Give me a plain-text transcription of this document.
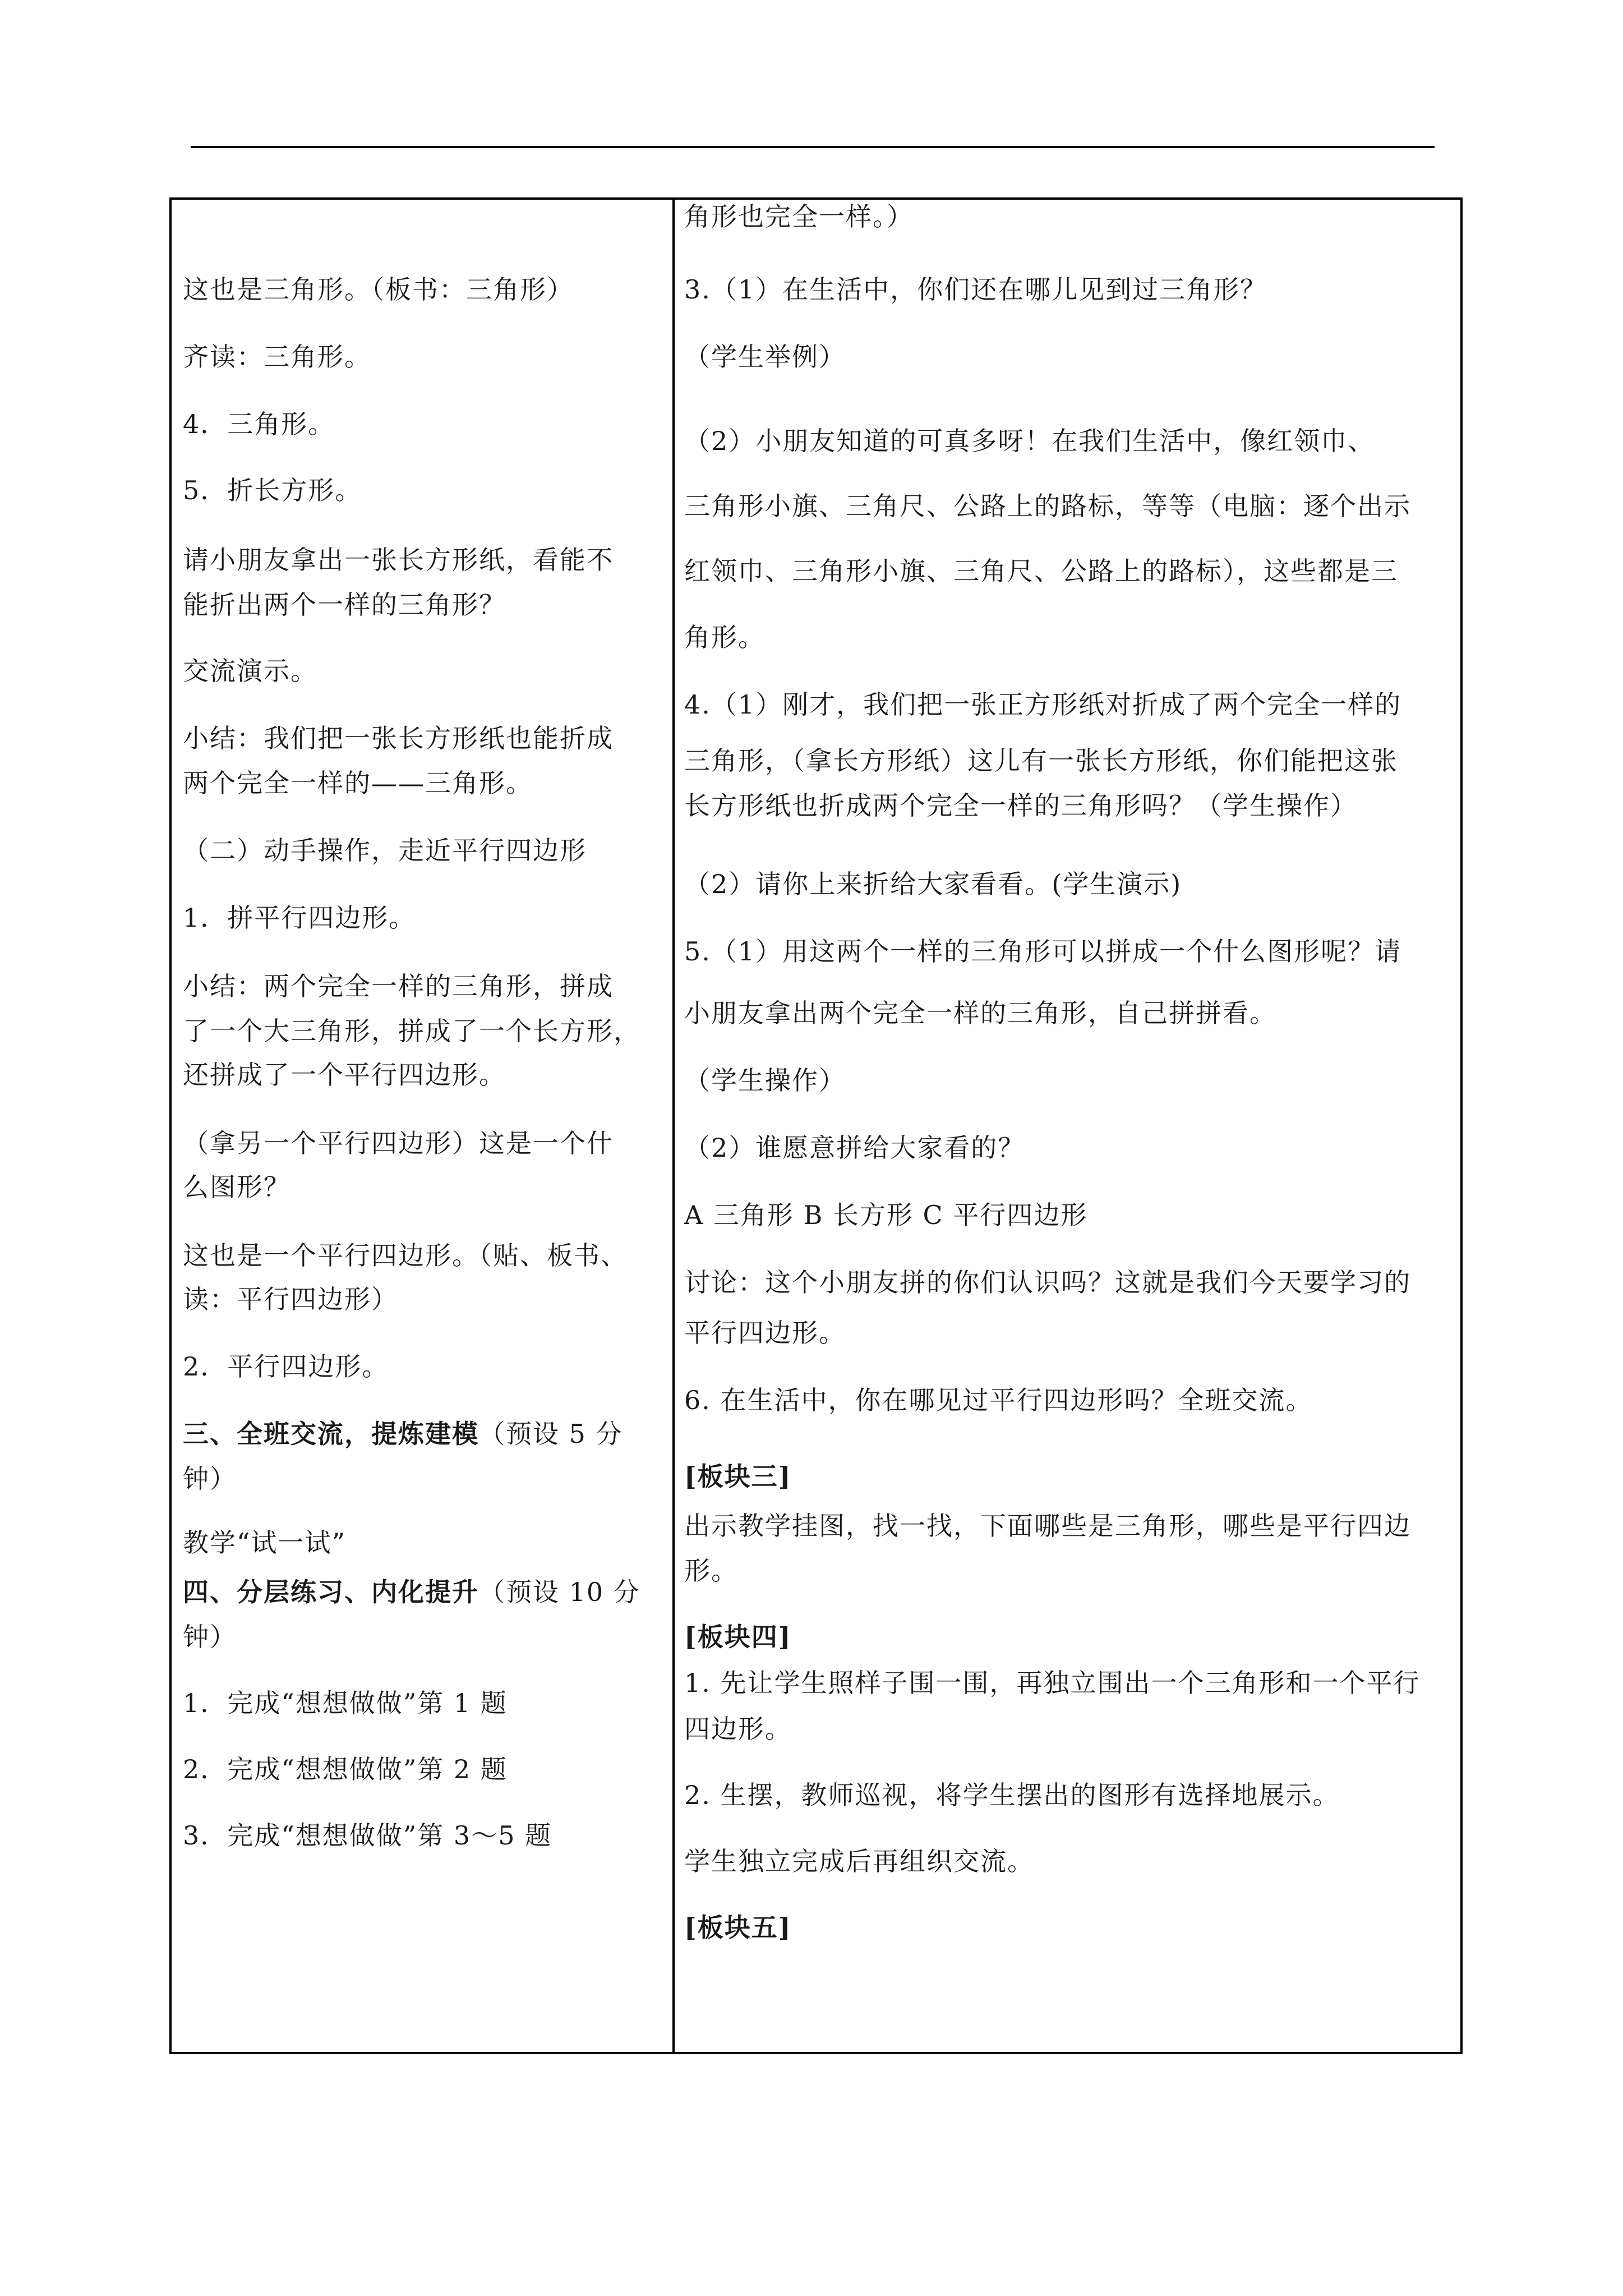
这也是三角形。（板书：三角形）

齐读：三角形。

4．三角形。

5．折长方形。

请小朋友拿出一张长方形纸，看能不

能折出两个一样的三角形？

交流演示。

小结：我们把一张长方形纸也能折成

两个完全一样的——三角形。

（二）动手操作，走近平行四边形

1．拼平行四边形。

小结：两个完全一样的三角形，拼成

了一个大三角形，拼成了一个长方形，

还拼成了一个平行四边形。

（拿另一个平行四边形）这是一个什

么图形？

这也是一个平行四边形。（贴、板书、

读：平行四边形）

2．平行四边形。

三、全班交流，提炼建模（预设 5 分

钟）

教学“试一试”

四、分层练习、内化提升（预设 10 分

钟）

1．完成“想想做做”第 1 题

2．完成“想想做做”第 2 题

3．完成“想想做做”第 3～5 题

角形也完全一样。）

3.（1）在生活中，你们还在哪儿见到过三角形？

（学生举例）

（2）小朋友知道的可真多呀！在我们生活中，像红领巾、

三角形小旗、三角尺、公路上的路标，等等（电脑：逐个出示

红领巾、三角形小旗、三角尺、公路上的路标），这些都是三

角形。

4.（1）刚才，我们把一张正方形纸对折成了两个完全一样的

三角形，（拿长方形纸）这儿有一张长方形纸，你们能把这张

长方形纸也折成两个完全一样的三角形吗？（学生操作）

（2）请你上来折给大家看看。(学生演示)

5.（1）用这两个一样的三角形可以拼成一个什么图形呢？请

小朋友拿出两个完全一样的三角形，自己拼拼看。

（学生操作）

（2）谁愿意拼给大家看的？

A 三角形 B 长方形 C 平行四边形

讨论：这个小朋友拼的你们认识吗？这就是我们今天要学习的

平行四边形。

6. 在生活中，你在哪见过平行四边形吗？全班交流。

[板块三]

出示教学挂图，找一找，下面哪些是三角形，哪些是平行四边

形。

[板块四]

1. 先让学生照样子围一围，再独立围出一个三角形和一个平行

四边形。

2. 生摆，教师巡视，将学生摆出的图形有选择地展示。

学生独立完成后再组织交流。

[板块五]
